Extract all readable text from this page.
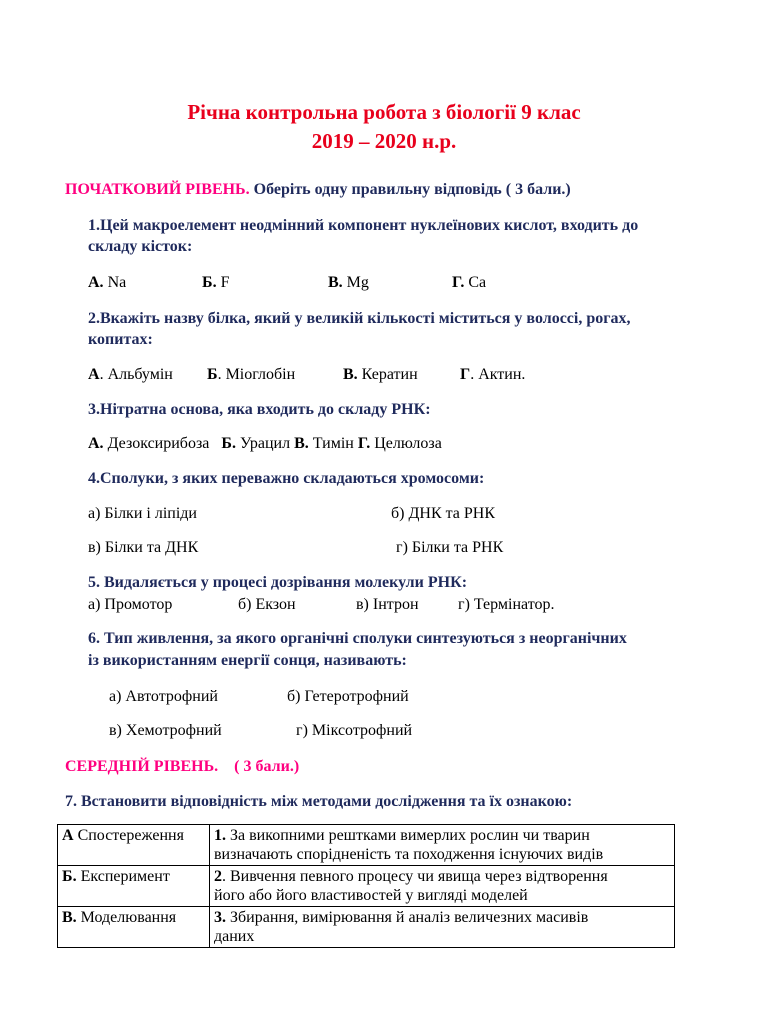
Річна контрольна робота з біології 9 клас
2019 – 2020 н.р.
ПОЧАТКОВИЙ РІВЕНЬ. Оберіть одну правильну відповідь ( 3 бали.)
1.Цей макроелемент неодмінний компонент нуклеїнових кислот, входить до
складу кісток:
А. Na	Б. F	В. Mg	Г. Ca
2.Вкажіть назву білка, який у великій кількості міститься у волоссі, рогах,
копитах:
А. Альбумін Б. Міоглобін	В. Кератин	Г. Актин.
3.Нітратна основа, яка входить до складу РНК:
А. Дезоксирибоза Б. Урацил В. Тимін Г. Целюлоза
4.Сполуки, з яких переважно складаються хромосоми:
а) Білки і ліпіди	б) ДНК та РНК
в) Білки та ДНК	г) Білки та РНК
5. Видаляється у процесі дозрівання молекули РНК:
а) Промотор	б) Екзон	в) Інтрон г) Термінатор.
6. Тип живлення, за якого органічні сполуки синтезуються з неорганічних
із використанням енергії сонця, називають:
а) Автотрофний	б) Гетеротрофний
в) Хемотрофний	г) Міксотрофний
СЕРЕДНІЙ РІВЕНЬ. ( 3 бали.)
7. Встановити відповідність між методами дослідження та їх ознакою:
А Спостереження	1. За викопними рештками вимерлих рослин чи тварин
визначають спорідненість та походження існуючих видів
Б. Експеримент	2. Вивчення певного процесу чи явища через відтворення
його або його властивостей у вигляді моделей
В. Моделювання	3. Збирання, вимірювання й аналіз величезних масивів
даних
